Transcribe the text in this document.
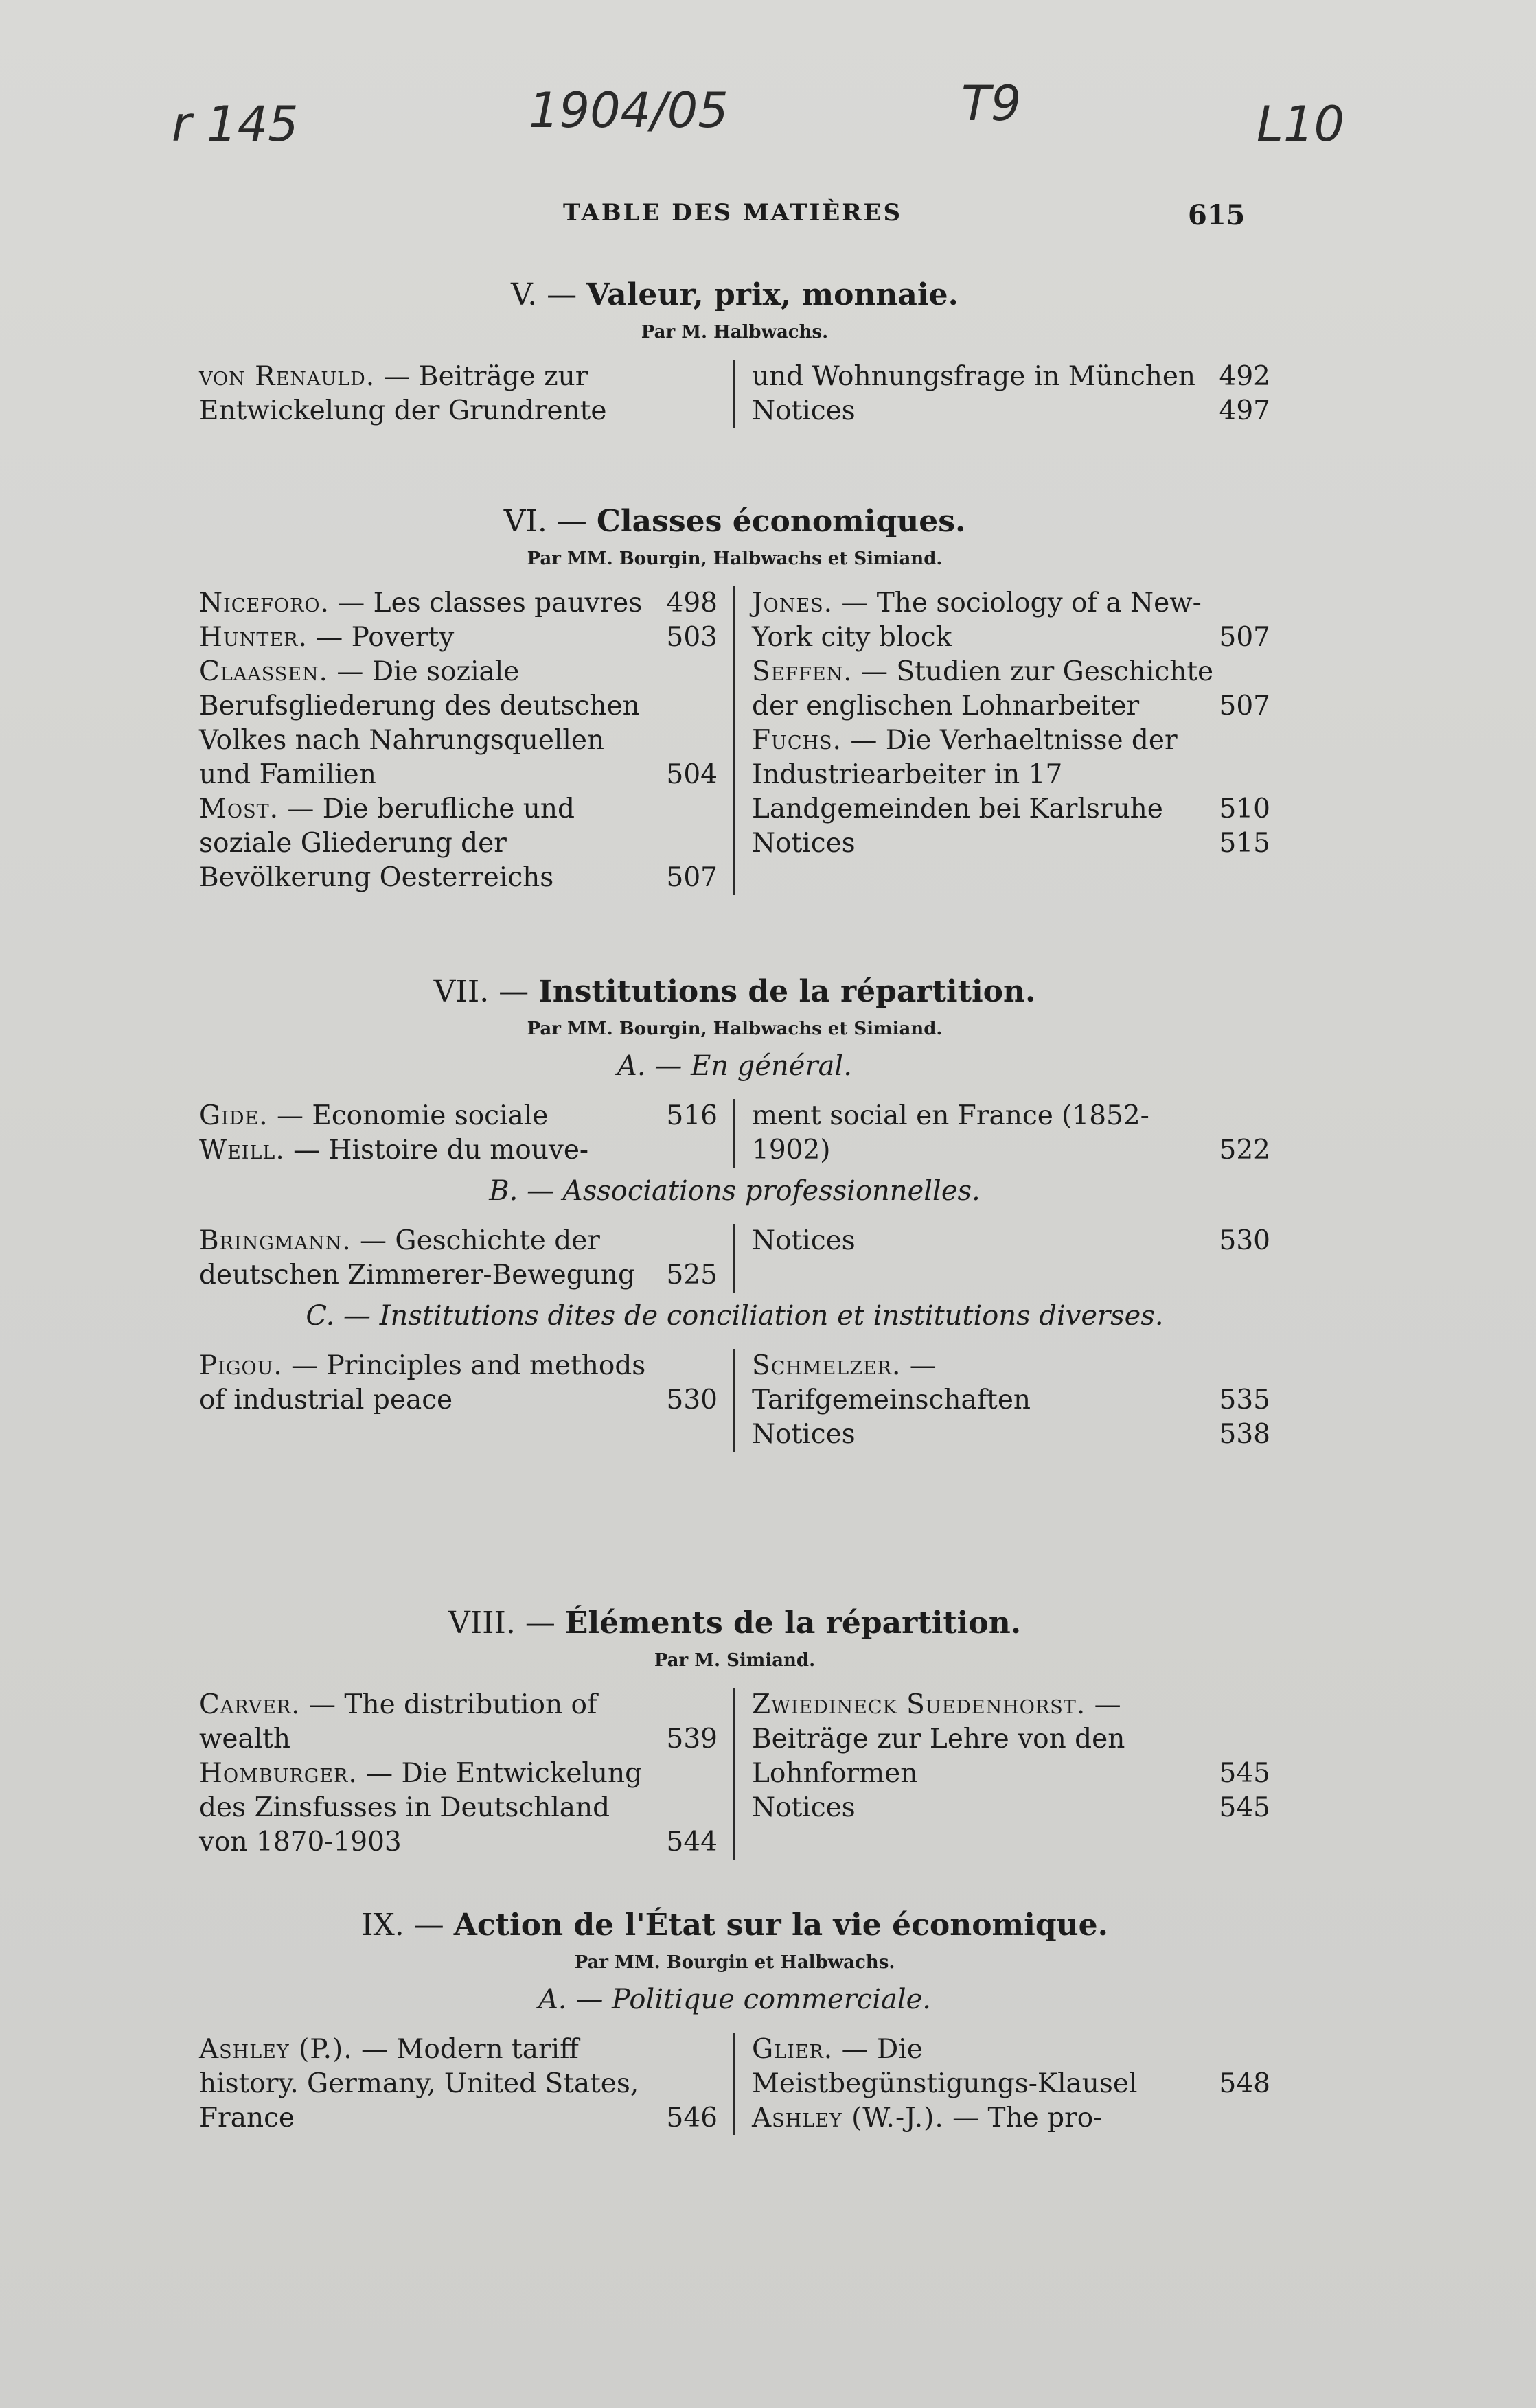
r 145	1904/05	T9	L10
TABLE DES MATIÈRES	615
V. — Valeur, prix, monnaie.
Par M. Halbwachs.
von Renauld. — Beiträge zur Entwickelung der Grundrente
und Wohnungsfrage in München 492
Notices	497
VI. — Classes économiques.
Par MM. Bourgin, Halbwachs et Simiand.
Niceforo. — Les classes pauvres 498
Hunter. — Poverty	503
Claassen. — Die soziale Berufsgliederung des deutschen Volkes nach Nahrungsquellen und Familien	504
Most. — Die berufliche und soziale Gliederung der Bevölkerung Oesterreichs	507
Jones. — The sociology of a New-York city block	507
Seffen. — Studien zur Geschichte der englischen Lohnarbeiter	507
Fuchs. — Die Verhaeltnisse der Industriearbeiter in 17 Landgemeinden bei Karlsruhe	510
Notices	515
VII. — Institutions de la répartition.
Par MM. Bourgin, Halbwachs et Simiand.
A. — En général.
Gide. — Economie sociale	516
Weill. — Histoire du mouve-
ment social en France (1852-1902)	522
B. — Associations professionnelles.
Bringmann. — Geschichte der deutschen Zimmerer-Bewegung	525
Notices	530
C. — Institutions dites de conciliation et institutions diverses.
Pigou. — Principles and methods of industrial peace	530
Schmelzer. — Tarifgemeinschaften	535
Notices	538
VIII. — Éléments de la répartition.
Par M. Simiand.
Carver. — The distribution of wealth	539
Homburger. — Die Entwickelung des Zinsfusses in Deutschland von 1870-1903	544
Zwiedineck Suedenhorst. — Beiträge zur Lehre von den Lohnformen	545
Notices	545
IX. — Action de l'État sur la vie économique.
Par MM. Bourgin et Halbwachs.
A. — Politique commerciale.
Ashley (P.). — Modern tariff history. Germany, United States, France	546
Glier. — Die Meistbegünstigungs-Klausel	548
Ashley (W.-J.). — The pro-
